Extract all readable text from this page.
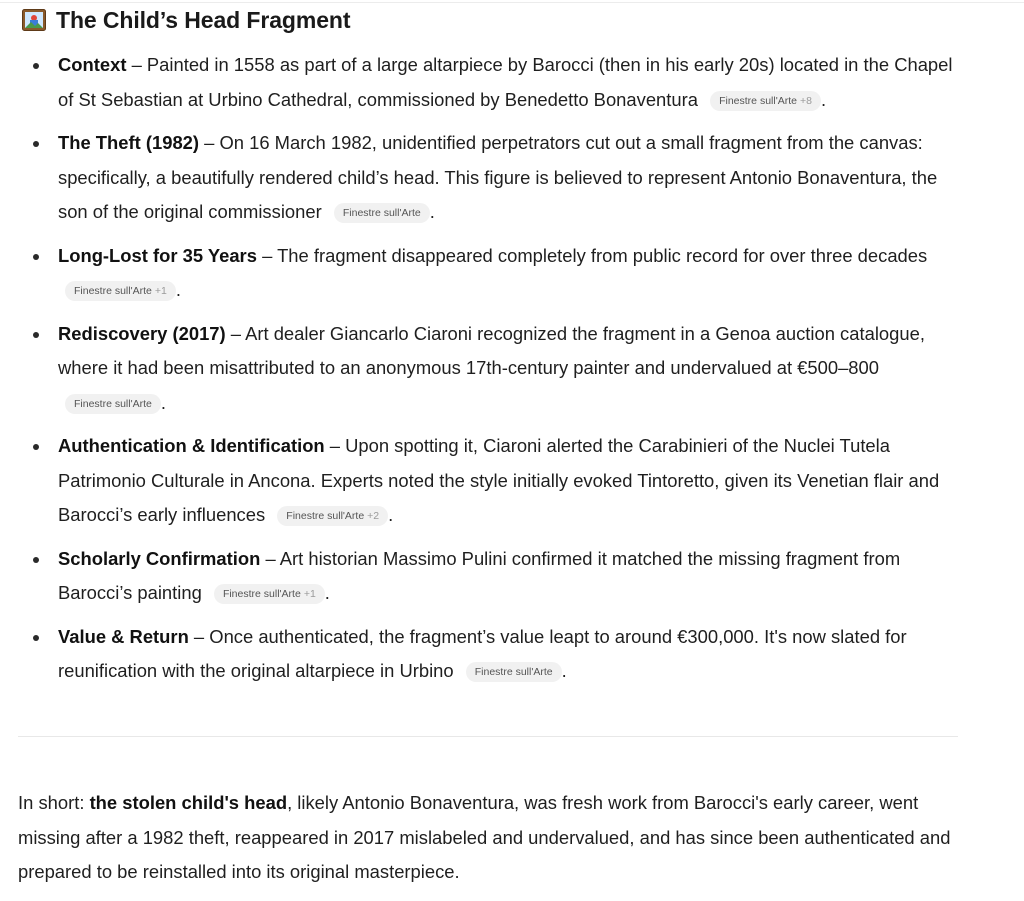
The Child’s Head Fragment
Context – Painted in 1558 as part of a large altarpiece by Barocci (then in his early 20s) located in the Chapel of St Sebastian at Urbino Cathedral, commissioned by Benedetto Bonaventura Finestre sull'Arte +8 .
The Theft (1982) – On 16 March 1982, unidentified perpetrators cut out a small fragment from the canvas: specifically, a beautifully rendered child’s head. This figure is believed to represent Antonio Bonaventura, the son of the original commissioner Finestre sull'Arte .
Long-Lost for 35 Years – The fragment disappeared completely from public record for over three decades Finestre sull'Arte +1 .
Rediscovery (2017) – Art dealer Giancarlo Ciaroni recognized the fragment in a Genoa auction catalogue, where it had been misattributed to an anonymous 17th-century painter and undervalued at €500–800 Finestre sull'Arte .
Authentication & Identification – Upon spotting it, Ciaroni alerted the Carabinieri of the Nuclei Tutela Patrimonio Culturale in Ancona. Experts noted the style initially evoked Tintoretto, given its Venetian flair and Barocci’s early influences Finestre sull'Arte +2 .
Scholarly Confirmation – Art historian Massimo Pulini confirmed it matched the missing fragment from Barocci’s painting Finestre sull'Arte +1 .
Value & Return – Once authenticated, the fragment’s value leapt to around €300,000. It's now slated for reunification with the original altarpiece in Urbino Finestre sull'Arte .

In short: the stolen child's head, likely Antonio Bonaventura, was fresh work from Barocci's early career, went missing after a 1982 theft, reappeared in 2017 mislabeled and undervalued, and has since been authenticated and prepared to be reinstalled into its original masterpiece.
